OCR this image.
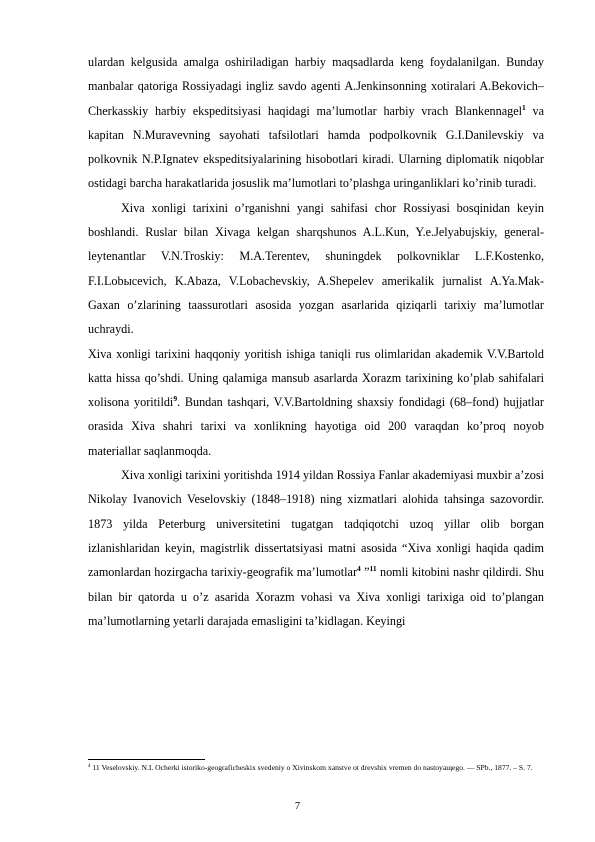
ulardan kelgusida amalga oshiriladigan harbiy maqsadlarda keng foydalanilgan. Bunday manbalar qatoriga Rossiyadagi ingliz savdo agenti A.Jenkinsonning xotiralari A.Bekovich–Cherkasskiy harbiy ekspeditsiyasi haqidagi ma’lumotlar harbiy vrach Blankennagel$^1$ va kapitan N.Muravevning sayohati tafsilotlari hamda podpolkovnik G.I.Danilevskiy va polkovnik N.P.Ignatev ekspeditsiyalarining hisobotlari kiradi. Ularning diplomatik niqoblar ostidagi barcha harakatlarida josuslik ma’lumotlari to’plashga uringanliklari ko’rinib turadi.

Xiva xonligi tarixini o’rganishni yangi sahifasi chor Rossiyasi bosqinidan keyin boshlandi. Ruslar bilan Xivaga kelgan sharqshunos A.L.Kun, Y.e.Jelyabujskiy, general-leytenantlar V.N.Troskiy: M.A.Terentev, shuningdek polkovniklar L.F.Kostenko, F.I.Lobысevich, K.Abaza, V.Lobachevskiy, A.Shepelev amerikalik jurnalist A.Ya.Mak- Gaxan o’zlarining taassurotlari asosida yozgan asarlarida qiziqarli tarixiy ma’lumotlar uchraydi.

Xiva xonligi tarixini haqqoniy yoritish ishiga taniqli rus olimlaridan akademik V.V.Bartold katta hissa qo’shdi. Uning qalamiga mansub asarlarda Xorazm tarixining ko’plab sahifalari xolisona yoritildi$^9$. Bundan tashqari, V.V.Bartoldning shaxsiy fondidagi (68–fond) hujjatlar orasida Xiva shahri tarixi va xonlikning hayotiga oid 200 varaqdan ko’proq noyob materiallar saqlanmoqda.

Xiva xonligi tarixini yoritishda 1914 yildan Rossiya Fanlar akademiyasi muxbir a’zosi Nikolay Ivanovich Veselovskiy (1848–1918) ning xizmatlari alohida tahsinga sazovordir. 1873 yilda Peterburg universitetini tugatgan tadqiqotchi uzoq yillar olib borgan izlanishlaridan keyin, magistrlik dissertatsiyasi matni asosida “Xiva xonligi haqida qadim zamonlardan hozirgacha tarixiy-geografik ma’lumotlar$^4$ ”$^{11}$ nomli kitobini nashr qildirdi. Shu bilan bir qatorda u o’z asarida Xorazm vohasi va Xiva xonligi tarixiga oid to’plangan ma’lumotlarning yetarli darajada emasligini ta’kidlagan. Keyingi

$^4$ 11 Veselovskiy. N.I. Ocherki istoriko-geograficheskix svedeniy o Xivinskom xanstve ot drevshix vremen do nastoyaщego. — SPb., 1877. – S. 7.

7
